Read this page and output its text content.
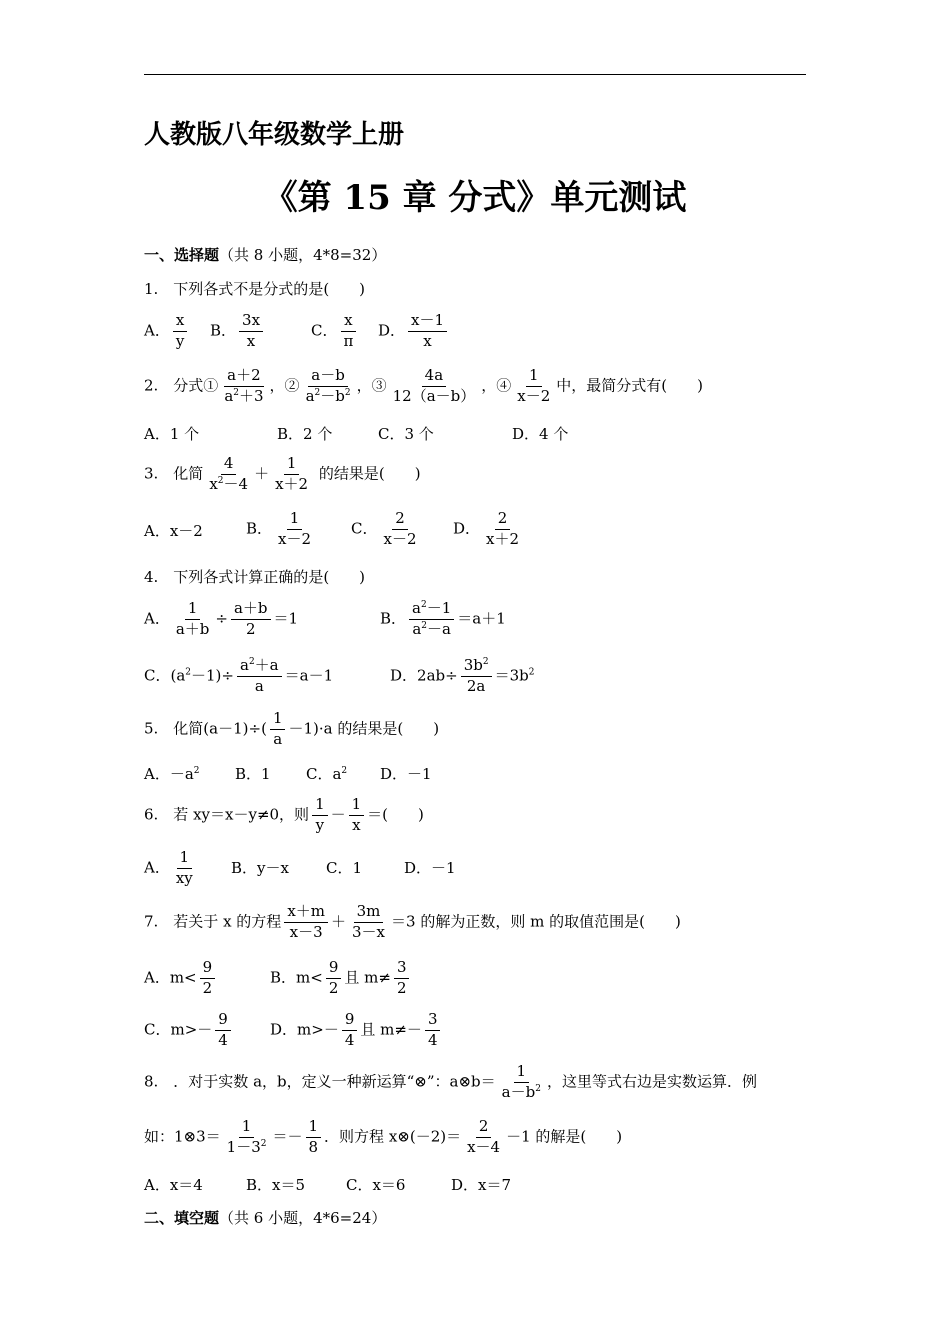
人教版八年级数学上册
《第 15 章 分式》单元测试
一、选择题（共 8 小题，4*8=32）
1.　下列各式不是分式的是(　　)
A． $\frac{x}{y}$ B． $\frac{3x}{x}$	C． $\frac{x}{\pi}$ D． $\frac{x-1}{x}$
2.　分式① $\frac{a+2}{a^2+3}$ ，② $\frac{a-b}{a^2-b^2}$ ，③ $\frac{4a}{12(a-b)}$ ，④ $\frac{1}{x-2}$ 中，最简分式有(　　)
A．1 个	B．2 个	C．3 个	D．4 个
3.　化简 $\frac{4}{x^2-4} + \frac{1}{x+2}$ 的结果是(　　)
A．x－2	B． $\frac{1}{x-2}$ C． $\frac{2}{x-2}$ D． $\frac{2}{x+2}$
4.　下列各式计算正确的是(　　)
A． $\frac{1}{a+b} \div \frac{a+b}{2} =1$	B． $\frac{a^2-1}{a^2-a} =a+1$
C．$(a^2-1)\div \frac{a^2+a}{a} =a-1$	D．$2ab\div \frac{3b^2}{2a} =3b^2$
5.　化简$(a-1)\div( \frac{1}{a} -1)\cdot a$ 的结果是(　　)
A．$-a^2$ B．1 C．$a^2$ D．－1
6.　若 xy＝x－y≠0，则 $\frac{1}{y} - \frac{1}{x}$ ＝(　　)
A． $\frac{1}{xy}$ B．y－x C．1	D．－1
7.　若关于 x 的方程 $\frac{x+m}{x-3} + \frac{3m}{3-x} =3$ 的解为正数，则 m 的取值范围是(　　)
A．$m< \frac{9}{2}$	B．$m< \frac{9}{2}$ 且 $m\ne \frac{3}{2}$
C．$m>- \frac{9}{4}$	D．$m>- \frac{9}{4}$ 且 $m\ne- \frac{3}{4}$
8.　．对于实数 a，b，定义一种新运算“⊗”：a⊗b＝ $\frac{1}{a-b^2}$ ，这里等式右边是实数运算．例
如：1⊗3＝ $\frac{1}{1-3^2} =- \frac{1}{8}$ ．则方程 x⊗(－2)＝ $\frac{2}{x-4} -1$ 的解是(　　)
A．x＝4	B．x＝5	C．x＝6	D．x＝7
二、填空题（共 6 小题，4*6=24）
